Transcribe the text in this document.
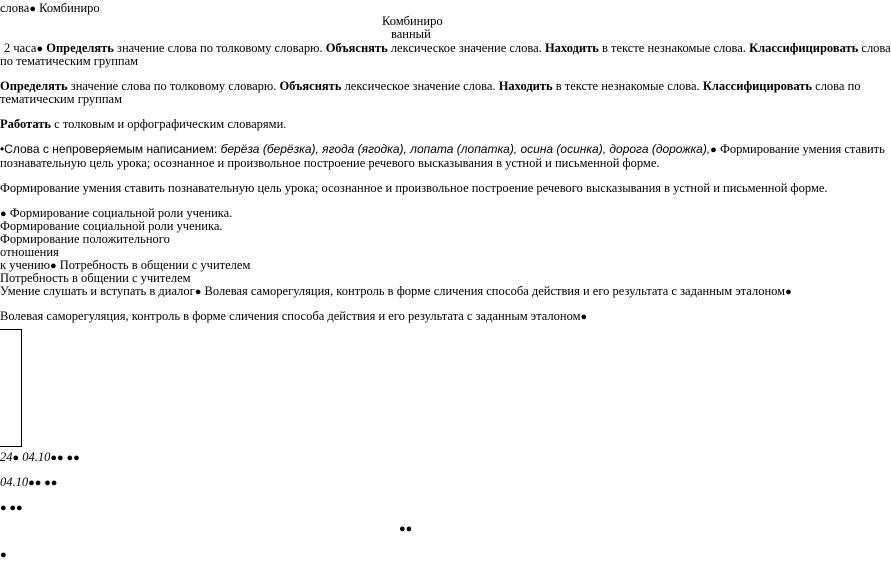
слова● Комбиниро
Комбиниро
ванный
2 часа● Определять значение слова по толковому словарю. Объяснять лексическое значение слова. Находить в тексте незнакомые слова. Классифицировать слова
по тематическим группам
Определять значение слова по толковому словарю. Объяснять лексическое значение слова. Находить в тексте незнакомые слова. Классифицировать слова по
тематическим группам
Работать с толковым и орфографическим словарями.
•Слова с непроверяемым написанием: берёза (берёзка), ягода (ягодка), лопата (лопатка), осина (осинка), дорога (дорожка),● Формирование умения ставить
познавательную цель урока; осознанное и произвольное построение речевого высказывания в устной и письменной форме.
Формирование умения ставить познавательную цель урока; осознанное и произвольное построение речевого высказывания в устной и письменной форме.
● Формирование социальной роли ученика.
Формирование социальной роли ученика.
Формирование положительного
отношения
к учению● Потребность в общении с учителем
Потребность в общении с учителем
Умение слушать и вступать в диалог● Волевая саморегуляция, контроль в форме сличения способа действия и его результата с заданным эталоном●
Волевая саморегуляция, контроль в форме сличения способа действия и его результата с заданным эталоном●
24● 04.10●● ●●
04.10●● ●●
● ●●
●●
●
